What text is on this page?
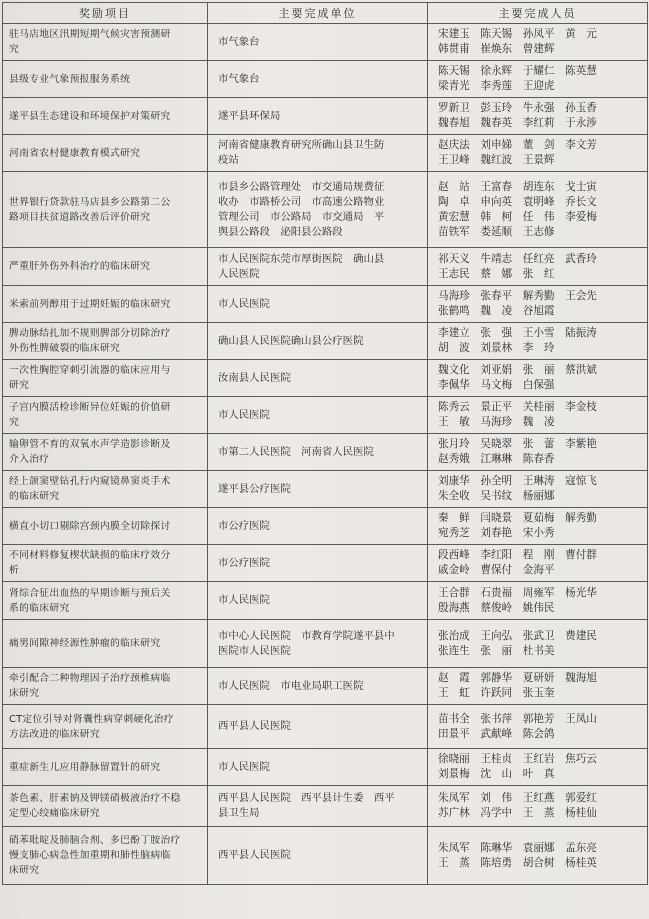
奖励项目	主要完成单位	主要完成人员

驻马店地区汛期短期气候灾害预测研
究	市气象台	宋建玉　陈天锡　孙凤平　黄　元
韩贯甫　崔焕东　曾建辉

县级专业气象预报服务系统	市气象台	陈天锡　徐永辉　于耀仁　陈英慧
梁青光　李秀莲　王迎虎

遂平县生态建设和环境保护对策研究	遂平县环保局	罗新卫　彭玉玲　牛永强　孙玉香
魏春旭　魏春英　李红莉　于永涉

河南省农村健康教育模式研究	河南省健康教育研究所确山县卫生防
疫站	赵庆法　刘申娣　董　剑　李文芳
王卫峰　魏红波　王景辉

世界银行贷款驻马店县乡公路第二公
路项目扶贫道路改善后评价研究	市县乡公路管理处　市交通局规费征
收办　市路桥公司　市高速公路物业
管理公司　市公路局　市交通局　平
舆县公路段　泌阳县公路段	赵　站　王富春　胡连东　戈士寅
陶　卓　申向英　袁明峰　乔长文
黄宏慧　韩　柯　任　伟　李爱梅
苗铁军　娄延顺　王志修

严重肝外伤外科治疗的临床研究	市人民医院东莞市厚街医院　确山县
人民医院	祁天义　牛靖志　任红亮　武香玲
王志民　蔡　娜　张　红

米索前列醇用于过期妊娠的临床研究	市人民医院	马海珍　张春平　解秀勤　王会先
张鹤鸣　魏　凌　谷旭霞

脾动脉结扎加不规则脾部分切除治疗
外伤性脾破裂的临床研究	确山县人民医院确山县公疗医院	李建立　张　强　王小雪　陆振涛
胡　波　刘景林　李　玲

一次性胸腔穿刺引流器的临床应用与
研究	汝南县人民医院	魏文化　刘亚娟　张　丽　蔡洪斌
李佩华　马文梅　白保强

子宫内膜活检诊断异位妊娠的价值研
究	市人民医院	陈秀云　景正平　关桂丽　李金枝
王　敏　马海珍　魏　凌

输卵管不育的双氧水声学造影诊断及
介入治疗	市第二人民医院　河南省人民医院	张月玲　吴晓翠　张　蕾　李紫艳
赵秀娥　江琳琳　陈春香

经上颌窦壁钻孔行内窥镜鼻窦炎手术
的临床研究	遂平县公疗医院	刘康华　孙全明　王琳涛　寇惊飞
朱全收　吴书纹　杨丽娜

横直小切口剔除宫颈内膜全切除探讨	市公疗医院	秦　鲜　闫晓景　夏茹梅　解秀勤
宛秀芝　刘春艳　宋小秀

不同材料修复楔状缺损的临床疗效分
析	市公疗医院	段西峰　李红阳　程　刚　曹付群
戚金岭　曹保付　金海平

肾综合征出血热的早期诊断与预后关
系的临床研究	市人民医院	王合群　石贵福　周雍军　杨光华
殷海燕　蔡俊岭　姚伟民

痛男间隙神经源性肿瘤的临床研究	市中心人民医院　市教育学院遂平县中
医院市人民医院	张治成　王向弘　张武卫　费建民
张连生　张　丽　杜书美

牵引配合二种物理因子治疗颈椎病临
床研究	市人民医院　市电业局职工医院	赵　霞　郭静华　夏研妍　魏海旭
王　虹　许跃同　张玉奎

CT定位引导对肾囊性病穿刺硬化治疗
方法改进的临床研究	西平县人民医院	苗书全　张书萍　郭艳芳　王凤山
田景平　武献峰　陈会鸽

重症新生儿应用静脉留置针的研究	市人民医院	徐晓丽　王桂贞　王红岩　焦巧云
刘景梅　沈　山　叶　真

茶色素、肝素钠及钾镁硝极液治疗不稳
定型心绞痛临床研究	西平县人民医院　西平县计生委　西平
县卫生局	朱凤军　刘　伟　王红燕　郭爱红
苏广林　冯学中　王　蒸　杨桂仙

硝苯吡啶及肺脑合剂、多巴酚丁胺治疗
慢支肺心病急性加重期和肺性脑病临
床研究	西平县人民医院	朱凤军　陈琳华　袁丽娜　孟东亮
王　蒸　陈培勇　胡合树　杨桂英
